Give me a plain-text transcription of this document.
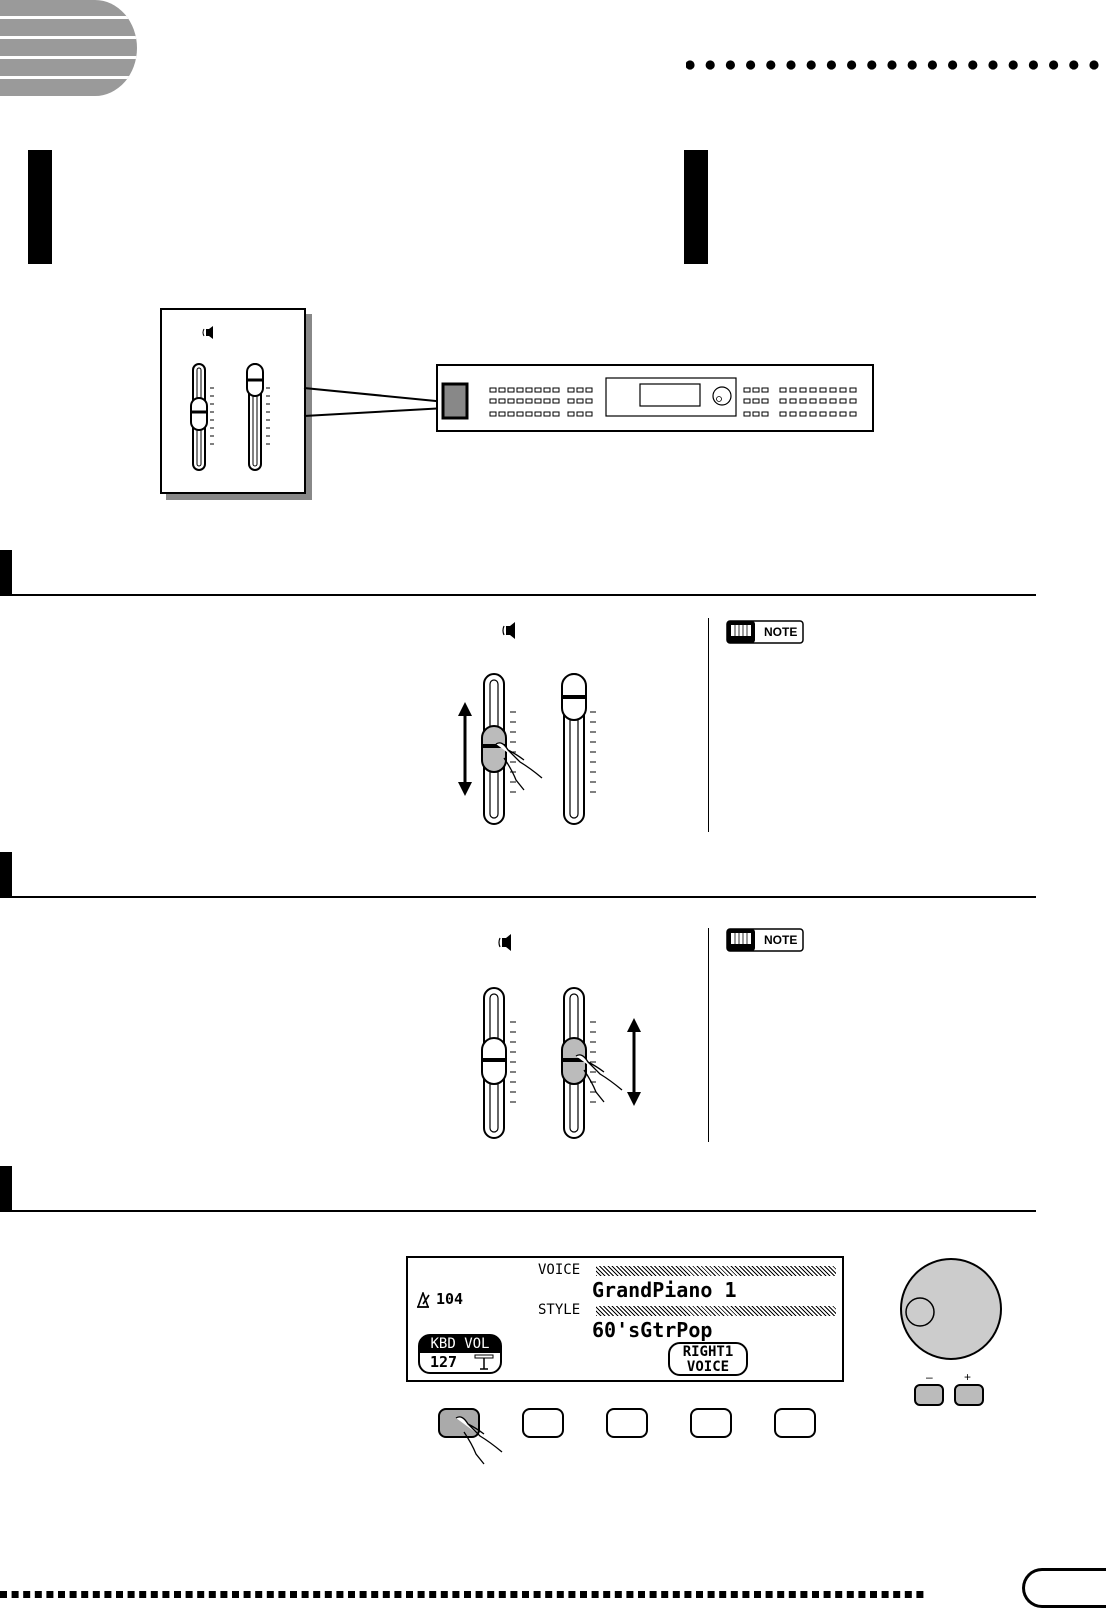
NOTE
NOTE
104
VOICE
GrandPiano 1
STYLE
60'sGtrPop
KBD VOL
127
RIGHT1
VOICE
–	+
